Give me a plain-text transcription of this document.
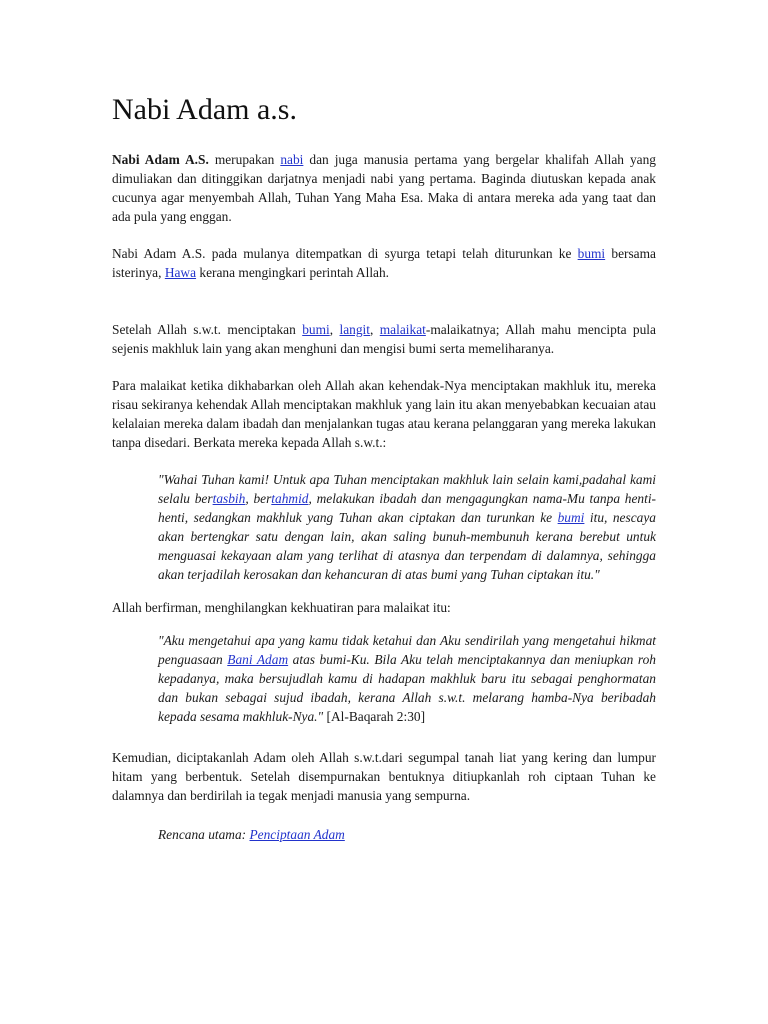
Nabi Adam a.s.

Nabi Adam A.S. merupakan nabi dan juga manusia pertama yang bergelar khalifah Allah yang dimuliakan dan ditinggikan darjatnya menjadi nabi yang pertama. Baginda diutuskan kepada anak cucunya agar menyembah Allah, Tuhan Yang Maha Esa. Maka di antara mereka ada yang taat dan ada pula yang enggan.

Nabi Adam A.S. pada mulanya ditempatkan di syurga tetapi telah diturunkan ke bumi bersama isterinya, Hawa kerana mengingkari perintah Allah.

Setelah Allah s.w.t. menciptakan bumi, langit, malaikat-malaikatnya; Allah mahu mencipta pula sejenis makhluk lain yang akan menghuni dan mengisi bumi serta memeliharanya.

Para malaikat ketika dikhabarkan oleh Allah akan kehendak-Nya menciptakan makhluk itu, mereka risau sekiranya kehendak Allah menciptakan makhluk yang lain itu akan menyebabkan kecuaian atau kelalaian mereka dalam ibadah dan menjalankan tugas atau kerana pelanggaran yang mereka lakukan tanpa disedari. Berkata mereka kepada Allah s.w.t.:

"Wahai Tuhan kami! Untuk apa Tuhan menciptakan makhluk lain selain kami,padahal kami selalu bertasbih, bertahmid, melakukan ibadah dan mengagungkan nama-Mu tanpa henti-henti, sedangkan makhluk yang Tuhan akan ciptakan dan turunkan ke bumi itu, nescaya akan bertengkar satu dengan lain, akan saling bunuh-membunuh kerana berebut untuk menguasai kekayaan alam yang terlihat di atasnya dan terpendam di dalamnya, sehingga akan terjadilah kerosakan dan kehancuran di atas bumi yang Tuhan ciptakan itu."

Allah berfirman, menghilangkan kekhuatiran para malaikat itu:

"Aku mengetahui apa yang kamu tidak ketahui dan Aku sendirilah yang mengetahui hikmat penguasaan Bani Adam atas bumi-Ku. Bila Aku telah menciptakannya dan meniupkan roh kepadanya, maka bersujudlah kamu di hadapan makhluk baru itu sebagai penghormatan dan bukan sebagai sujud ibadah, kerana Allah s.w.t. melarang hamba-Nya beribadah kepada sesama makhluk-Nya." [Al-Baqarah 2:30]

Kemudian, diciptakanlah Adam oleh Allah s.w.t.dari segumpal tanah liat yang kering dan lumpur hitam yang berbentuk. Setelah disempurnakan bentuknya ditiupkanlah roh ciptaan Tuhan ke dalamnya dan berdirilah ia tegak menjadi manusia yang sempurna.

Rencana utama: Penciptaan Adam
